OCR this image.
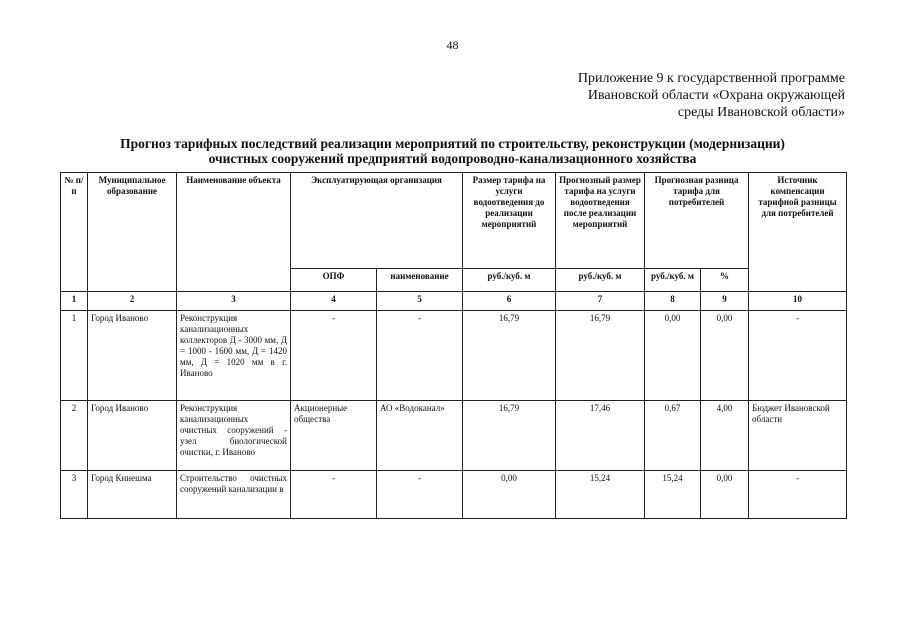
48
Приложение 9 к государственной программе
Ивановской области «Охрана окружающей
среды Ивановской области»
Прогноз тарифных последствий реализации мероприятий по строительству, реконструкции (модернизации)
очистных сооружений предприятий водопроводно-канализационного хозяйства
№ п/п	Муниципальное образование	Наименование объекта	Эксплуатирующая организация		Размер тарифа на услуги водоотведения до реализации мероприятий	Прогнозный размер тарифа на услуги водоотведения после реализации мероприятий	Прогнозная разница тарифа для потребителей		Источник компенсации тарифной разницы для потребителей
			ОПФ	наименование	руб./куб. м	руб./куб. м	руб./куб. м	%	
1	2	3	4	5	6	7	8	9	10
1	Город Иваново	Реконструкция канализационных коллекторов Д - 3000 мм, Д = 1000 - 1600 мм, Д = 1420 мм, Д = 1020 мм в г. Иваново	-	-	16,79	16,79	0,00	0,00	-
2	Город Иваново	Реконструкция канализационных очистных сооружений - узел биологической очистки, г. Иваново	Акционерные общества	АО «Водоканал»	16,79	17,46	0,67	4,00	Бюджет Ивановской области
3	Город Кинешма	Строительство очистных сооружений канализации в	-	-	0,00	15,24	15,24	0,00	-
